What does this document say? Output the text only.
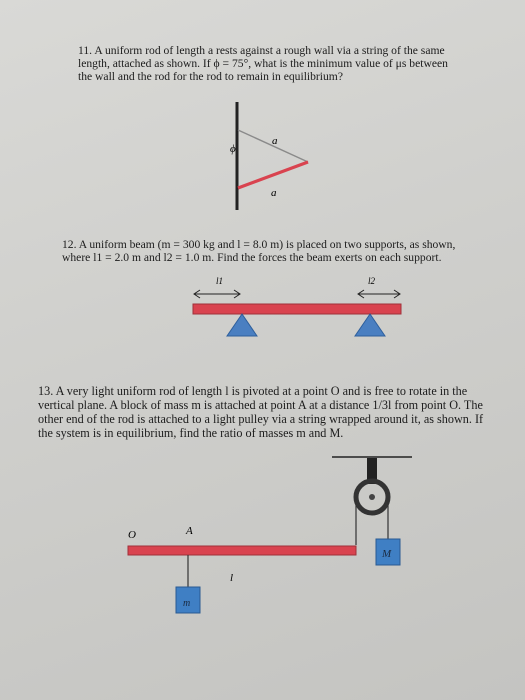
11. A uniform rod of length a rests against a rough wall via a string of the same length, attached as shown. If ϕ = 75°, what is the minimum value of μs between the wall and the rod for the rod to remain in equilibrium?

ϕ
a
a

12. A uniform beam (m = 300 kg and l = 8.0 m) is placed on two supports, as shown, where l1 = 2.0 m and l2 = 1.0 m. Find the forces the beam exerts on each support.

l1	l2

13. A very light uniform rod of length l is pivoted at a point O and is free to rotate in the vertical plane. A block of mass m is attached at point A at a distance 1/3l from point O. The other end of the rod is attached to a light pulley via a string wrapped around it, as shown. If the system is in equilibrium, find the ratio of masses m and M.

M
O	A
m
l
